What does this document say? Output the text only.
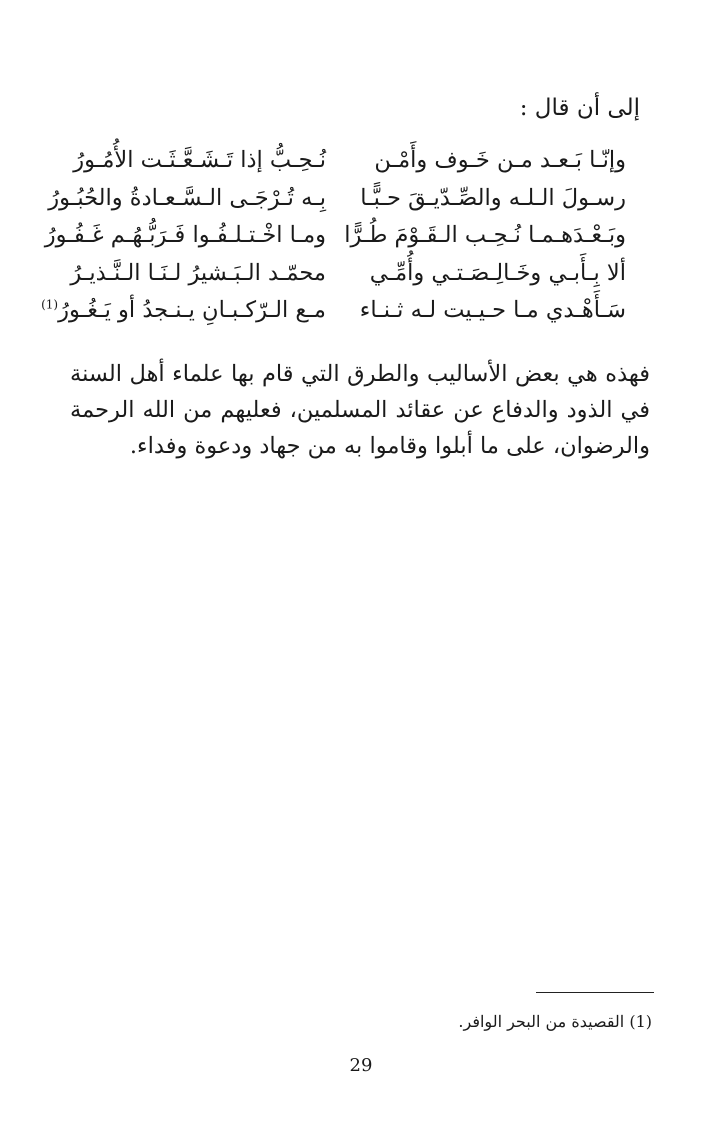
إلى أن قال :

وإنّـا بَـعـد مـن خَـوف وأَمْـن
نُـحِـبُّ إذا تَـشَـعَّـثَـت الأُمُـورُ
رسـولَ الـلـه والصِّـدّيـقَ حـبًّـا
بِـه تُـرْجَـى الـسَّـعـادةُ والحُبُـورُ
وبَـعْـدَهـمـا نُـحِـب الـقَـوْمَ طُـرًّا
ومـا اخْـتـلـفُـوا فَـرَبُّـهُـم غَـفُـورُ
ألا بِـأَبـي وخَـالِـصَـتـي وأُمِّـي
محمّـد الـبَـشيرُ لـنَـا الـنَّـذيـرُ
سَـأَهْـدي مـا حـيـيت لـه ثـنـاء
مـع الـرّكـبـانِ يـنـجدُ أو يَـغُـورُ$^{(1)}$

فهذه هي بعض الأساليب والطرق التي قام بها علماء أهل السنة في الذود والدفاع عن عقائد المسلمين، فعليهم من الله الرحمة والرضوان، على ما أبلوا وقاموا به من جهاد ودعوة وفداء.

(1) القصيدة من البحر الوافر.

29
